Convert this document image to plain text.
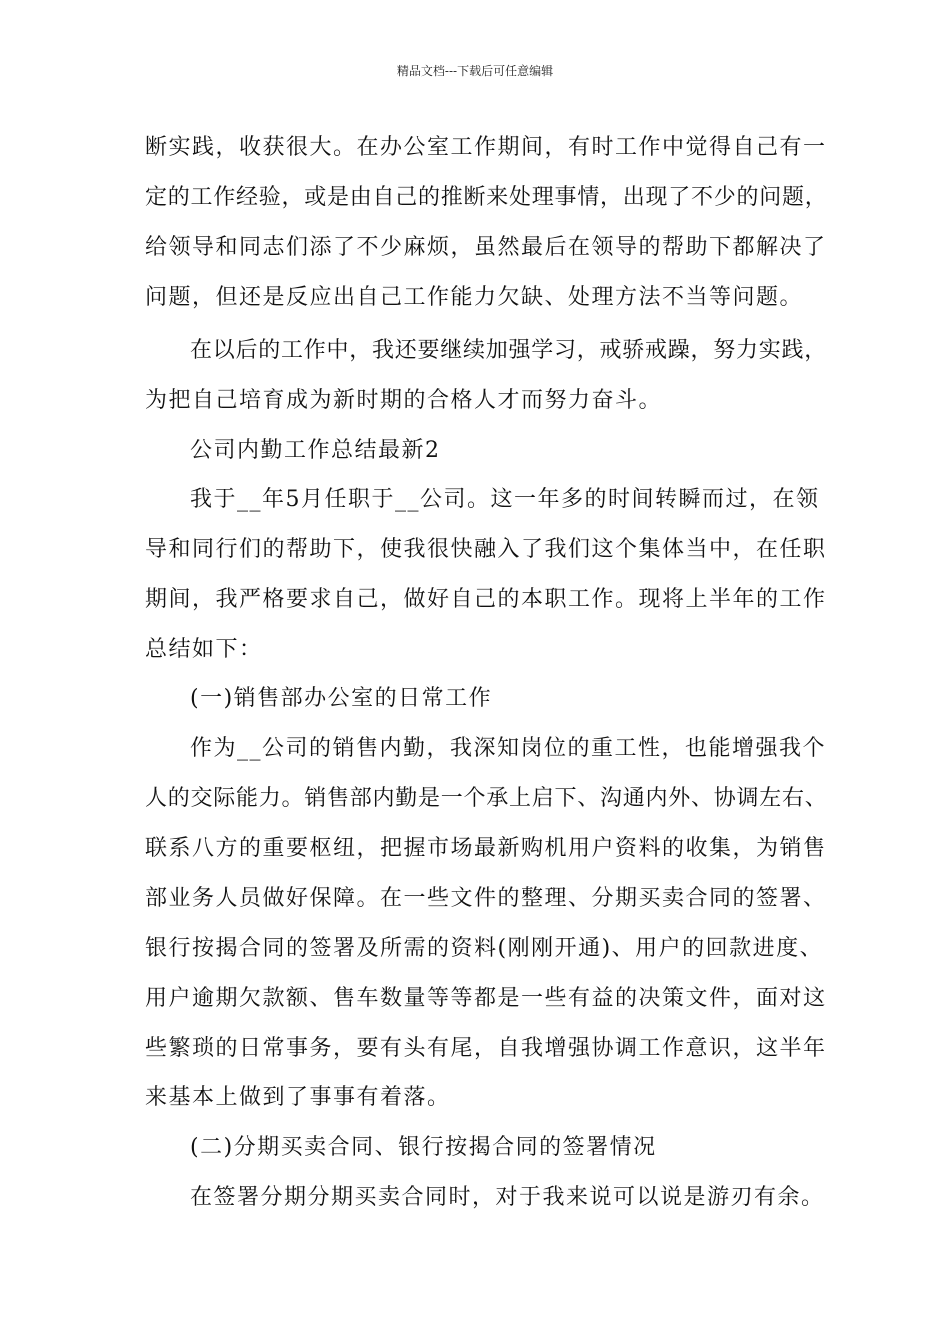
精品文档---下载后可任意编辑
断实践，收获很大。在办公室工作期间，有时工作中觉得自己有一
定的工作经验，或是由自己的推断来处理事情，出现了不少的问题，
给领导和同志们添了不少麻烦，虽然最后在领导的帮助下都解决了
问题，但还是反应出自己工作能力欠缺、处理方法不当等问题。
在以后的工作中，我还要继续加强学习，戒骄戒躁，努力实践，
为把自己培育成为新时期的合格人才而努力奋斗。
公司内勤工作总结最新2
我于__年5月任职于__公司。这一年多的时间转瞬而过，在领
导和同行们的帮助下，使我很快融入了我们这个集体当中，在任职
期间，我严格要求自己，做好自己的本职工作。现将上半年的工作
总结如下：
(一)销售部办公室的日常工作
作为__公司的销售内勤，我深知岗位的重工性，也能增强我个
人的交际能力。销售部内勤是一个承上启下、沟通内外、协调左右、
联系八方的重要枢纽，把握市场最新购机用户资料的收集，为销售
部业务人员做好保障。在一些文件的整理、分期买卖合同的签署、
银行按揭合同的签署及所需的资料(刚刚开通)、用户的回款进度、
用户逾期欠款额、售车数量等等都是一些有益的决策文件，面对这
些繁琐的日常事务，要有头有尾，自我增强协调工作意识，这半年
来基本上做到了事事有着落。
(二)分期买卖合同、银行按揭合同的签署情况
在签署分期分期买卖合同时，对于我来说可以说是游刃有余。
